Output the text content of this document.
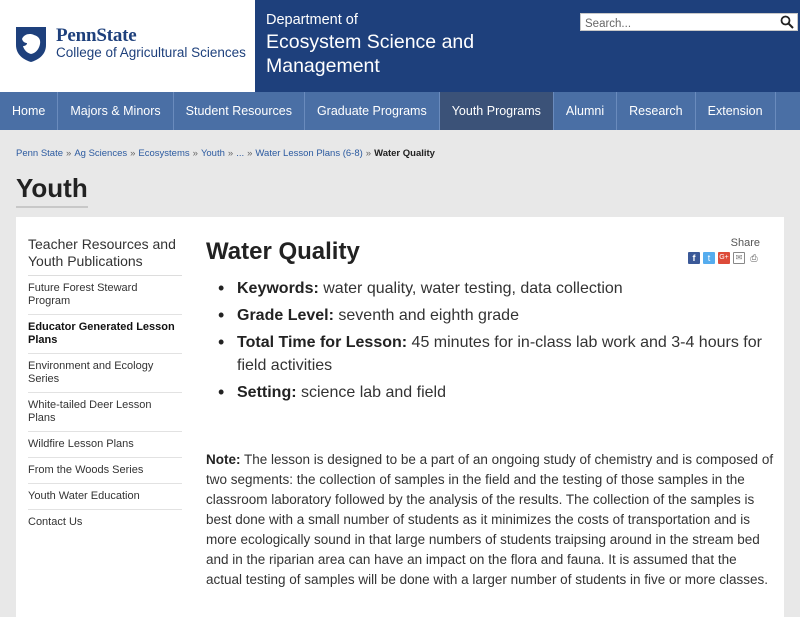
PennState
College of Agricultural Sciences
Department of
Ecosystem Science and Management
Search...
Home	Majors & Minors	Student Resources	Graduate Programs	Youth Programs	Alumni	Research	Extension
Penn State » Ag Sciences » Ecosystems » Youth » ... » Water Lesson Plans (6-8) » Water Quality
Youth
Teacher Resources and Youth Publications
Future Forest Steward Program
Educator Generated Lesson Plans
Environment and Ecology Series
White-tailed Deer Lesson Plans
Wildfire Lesson Plans
From the Woods Series
Youth Water Education
Contact Us
Water Quality	Share
f	t	G+ ✉ ⎙
• Keywords: water quality, water testing, data collection
• Grade Level: seventh and eighth grade
• Total Time for Lesson: 45 minutes for in-class lab work and 3-4 hours for field activities
• Setting: science lab and field
Note: The lesson is designed to be a part of an ongoing study of chemistry and is composed of two segments: the collection of samples in the field and the testing of those samples in the classroom laboratory followed by the analysis of the results. The collection of the samples is best done with a small number of students as it minimizes the costs of transportation and is more ecologically sound in that large numbers of students traipsing around in the stream bed and in the riparian area can have an impact on the flora and fauna. It is assumed that the actual testing of samples will be done with a larger number of students in five or more classes.
